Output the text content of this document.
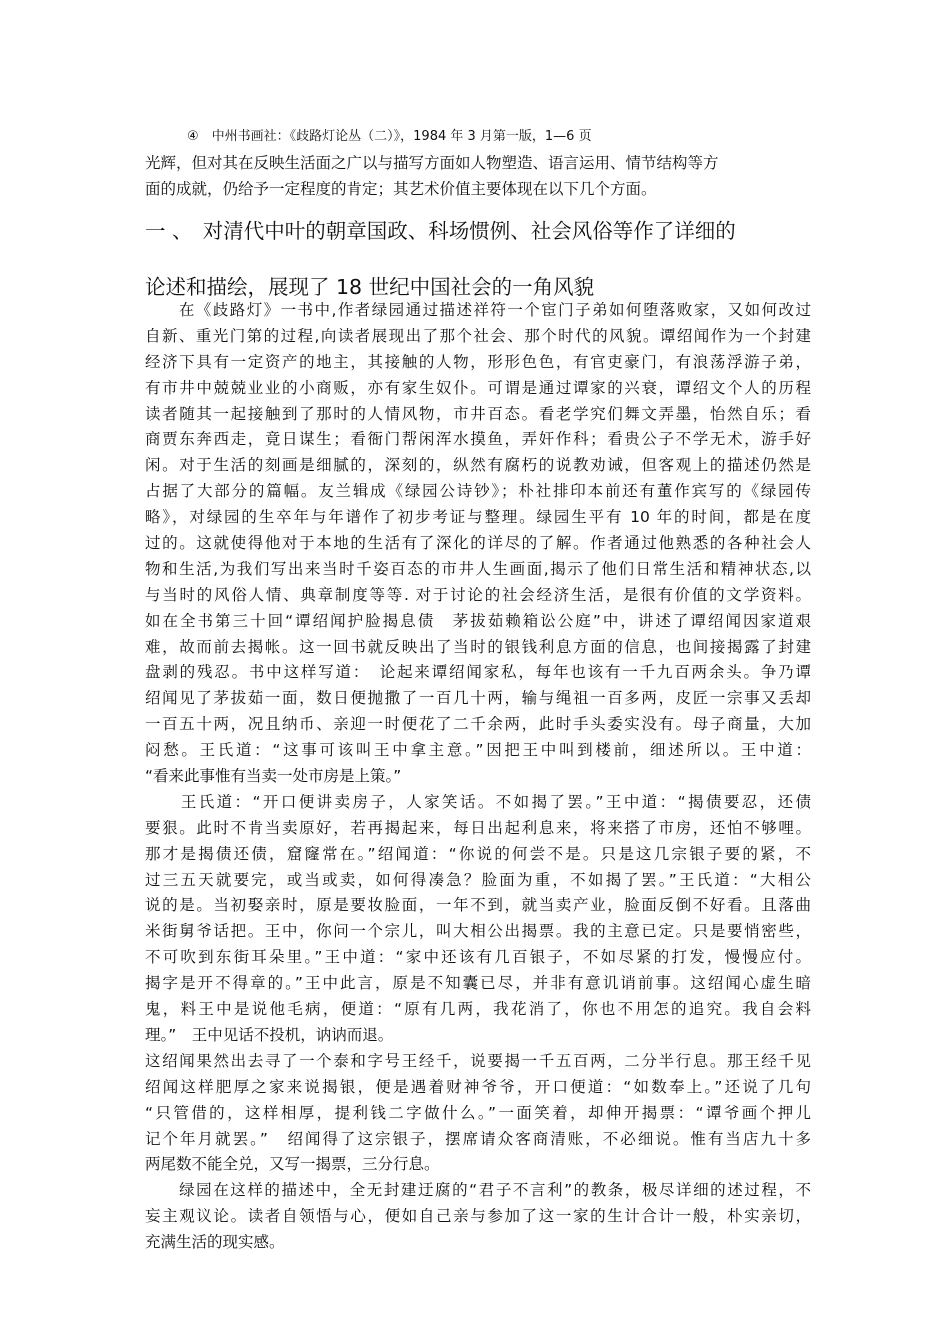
④　中州书画社：《歧路灯论丛（二）》，1984 年 3 月第一版，1—6 页

光辉，但对其在反映生活面之广以与描写方面如人物塑造、语言运用、情节结构等方

面的成就，仍给予一定程度的肯定；其艺术价值主要体现在以下几个方面。

一 、　对清代中叶的朝章国政、科场惯例、社会风俗等作了详细的
论述和描绘，展现了 18 世纪中国社会的一角风貌
　　在《歧路灯》一书中,作者绿园通过描述祥符一个宦门子弟如何堕落败家，又如何改过
自新、重光门第的过程,向读者展现出了那个社会、那个时代的风貌。谭绍闻作为一个封建
经济下具有一定资产的地主，其接触的人物，形形色色，有官吏豪门，有浪荡浮游子弟，
有市井中兢兢业业的小商贩，亦有家生奴仆。可谓是通过谭家的兴衰，谭绍文个人的历程
读者随其一起接触到了那时的人情风物，市井百态。看老学究们舞文弄墨，怡然自乐；看
商贾东奔西走，竟日谋生；看衙门帮闲浑水摸鱼，弄奸作科；看贵公子不学无术，游手好
闲。对于生活的刻画是细腻的，深刻的，纵然有腐朽的说教劝诫，但客观上的描述仍然是
占据了大部分的篇幅。友兰辑成《绿园公诗钞》；朴社排印本前还有董作宾写的《绿园传
略》，对绿园的生卒年与年谱作了初步考证与整理。绿园生平有 10 年的时间，都是在度
过的。这就使得他对于本地的生活有了深化的详尽的了解。作者通过他熟悉的各种社会人
物和生活,为我们写出来当时千姿百态的市井人生画面,揭示了他们日常生活和精神状态,以
与当时的风俗人情、典章制度等等. 对于讨论的社会经济生活，是很有价值的文学资料。
如在全书第三十回“谭绍闻护脸揭息债　茅拔茹赖箱讼公庭”中，讲述了谭绍闻因家道艰
难，故而前去揭帐。这一回书就反映出了当时的银钱利息方面的信息，也间接揭露了封建
盘剥的残忍。书中这样写道：　论起来谭绍闻家私，每年也该有一千九百两余头。争乃谭
绍闻见了茅拔茹一面，数日便抛撒了一百几十两，输与绳祖一百多两，皮匠一宗事又丢却
一百五十两，况且纳币、亲迎一时便花了二千余两，此时手头委实没有。母子商量，大加
闷愁。王氏道：“这事可该叫王中拿主意。”因把王中叫到楼前，细述所以。王中道：
“看来此事惟有当卖一处市房是上策。”
　　王氏道：“开口便讲卖房子，人家笑话。不如揭了罢。”王中道：“揭债要忍，还债
要狠。此时不肯当卖原好，若再揭起来，每日出起利息来，将来搭了市房，还怕不够哩。
那才是揭债还债，窟窿常在。”绍闻道：“你说的何尝不是。只是这几宗银子要的紧，不
过三五天就要完，或当或卖，如何得凑急？脸面为重，不如揭了罢。”王氏道：“大相公
说的是。当初娶亲时，原是要妆脸面，一年不到，就当卖产业，脸面反倒不好看。且落曲
米街舅爷话把。王中，你问一个宗儿，叫大相公出揭票。我的主意已定。只是要悄密些，
不可吹到东街耳朵里。”王中道：“家中还该有几百银子，不如尽紧的打发，慢慢应付。
揭字是开不得章的。”王中此言，原是不知囊已尽，并非有意讥诮前事。这绍闻心虚生暗
鬼，料王中是说他毛病，便道：“原有几两，我花消了，你也不用怎的追究。我自会料
理。”　王中见话不投机，讷讷而退。
这绍闻果然出去寻了一个泰和字号王经千，说要揭一千五百两，二分半行息。那王经千见
绍闻这样肥厚之家来说揭银，便是遇着财神爷爷，开口便道：“如数奉上。”还说了几句
“只管借的，这样相厚，提利钱二字做什么。”一面笑着，却伸开揭票：“谭爷画个押儿
记个年月就罢。”　绍闻得了这宗银子，摆席请众客商清账，不必细说。惟有当店九十多
两尾数不能全兑，又写一揭票，三分行息。
　　绿园在这样的描述中，全无封建迂腐的“君子不言利”的教条，极尽详细的述过程，不
妄主观议论。读者自领悟与心，便如自己亲与参加了这一家的生计合计一般，朴实亲切，
充满生活的现实感。
